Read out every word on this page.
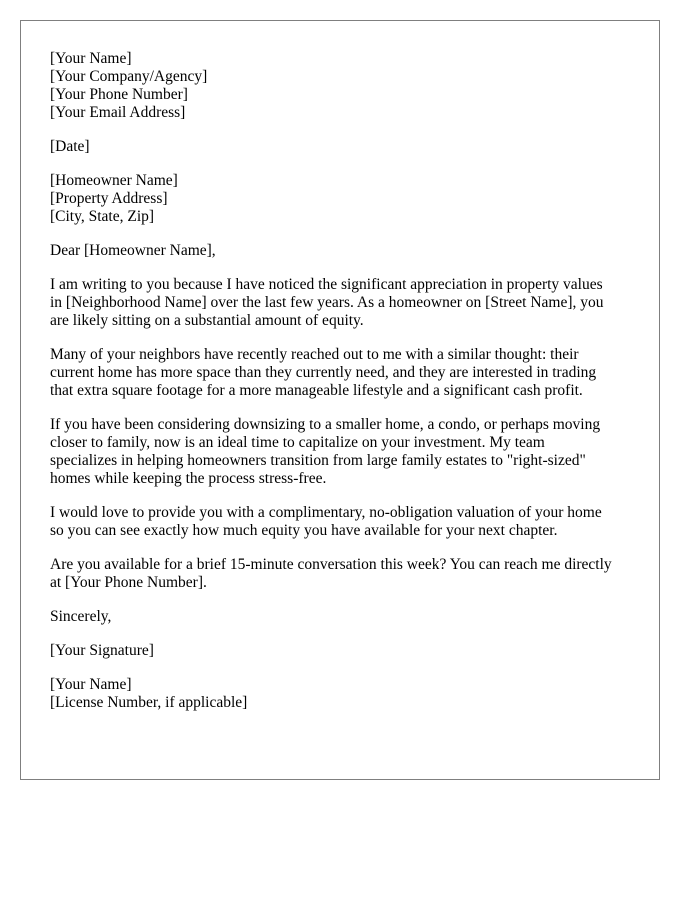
[Your Name]
[Your Company/Agency]
[Your Phone Number]
[Your Email Address]
[Date]
[Homeowner Name]
[Property Address]
[City, State, Zip]
Dear [Homeowner Name],

I am writing to you because I have noticed the significant appreciation in property values
in [Neighborhood Name] over the last few years. As a homeowner on [Street Name], you
are likely sitting on a substantial amount of equity.

Many of your neighbors have recently reached out to me with a similar thought: their
current home has more space than they currently need, and they are interested in trading
that extra square footage for a more manageable lifestyle and a significant cash profit.

If you have been considering downsizing to a smaller home, a condo, or perhaps moving
closer to family, now is an ideal time to capitalize on your investment. My team
specializes in helping homeowners transition from large family estates to "right-sized"
homes while keeping the process stress-free.

I would love to provide you with a complimentary, no-obligation valuation of your home
so you can see exactly how much equity you have available for your next chapter.

Are you available for a brief 15-minute conversation this week? You can reach me directly
at [Your Phone Number].

Sincerely,
[Your Signature]
[Your Name]
[License Number, if applicable]
